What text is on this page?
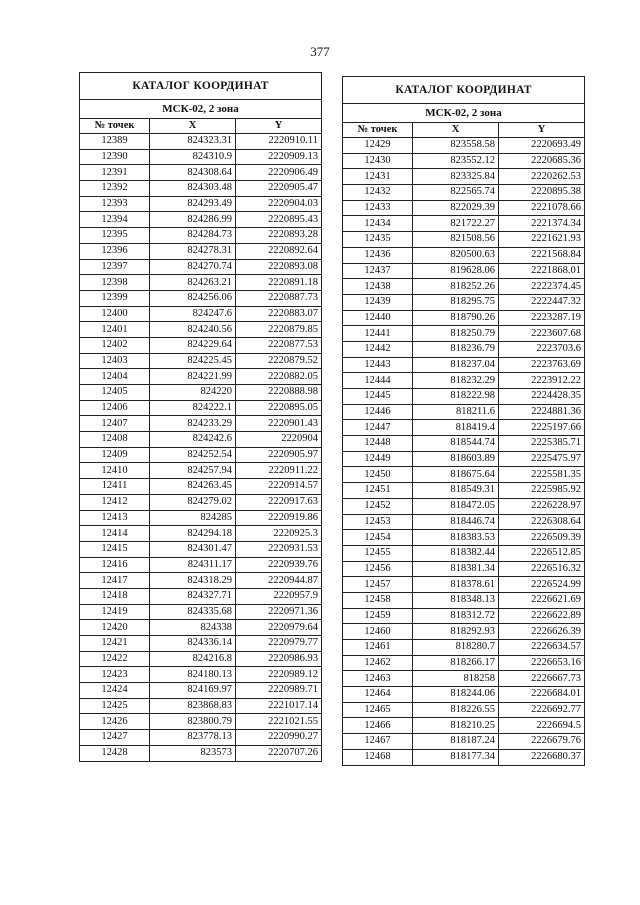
377
КАТАЛОГ КООРДИНАТ		
МСК-02, 2 зона		
№ точек	X	Y
12389	824323.31	2220910.11
12390	824310.9	2220909.13
12391	824308.64	2220906.49
12392	824303.48	2220905.47
12393	824293.49	2220904.03
12394	824286.99	2220895.43
12395	824284.73	2220893.28
12396	824278.31	2220892.64
12397	824270.74	2220893.08
12398	824263.21	2220891.18
12399	824256.06	2220887.73
12400	824247.6	2220883.07
12401	824240.56	2220879.85
12402	824229.64	2220877.53
12403	824225.45	2220879.52
12404	824221.99	2220882.05
12405	824220	2220888.98
12406	824222.1	2220895.05
12407	824233.29	2220901.43
12408	824242.6	2220904
12409	824252.54	2220905.97
12410	824257.94	2220911.22
12411	824263.45	2220914.57
12412	824279.02	2220917.63
12413	824285	2220919.86
12414	824294.18	2220925.3
12415	824301.47	2220931.53
12416	824311.17	2220939.76
12417	824318.29	2220944.87
12418	824327.71	2220957.9
12419	824335.68	2220971.36
12420	824338	2220979.64
12421	824336.14	2220979.77
12422	824216.8	2220986.93
12423	824180.13	2220989.12
12424	824169.97	2220989.71
12425	823868.83	2221017.14
12426	823800.79	2221021.55
12427	823778.13	2220990.27
12428	823573	2220707.26
КАТАЛОГ КООРДИНАТ		
МСК-02, 2 зона		
№ точек	X	Y
12429	823558.58	2220693.49
12430	823552.12	2220685.36
12431	823325.84	2220262.53
12432	822565.74	2220895.38
12433	822029.39	2221078.66
12434	821722.27	2221374.34
12435	821508.56	2221621.93
12436	820500.63	2221568.84
12437	819628.06	2221868.01
12438	818252.26	2222374.45
12439	818295.75	2222447.32
12440	818790.26	2223287.19
12441	818250.79	2223607.68
12442	818236.79	2223703.6
12443	818237.04	2223763.69
12444	818232.29	2223912.22
12445	818222.98	2224428.35
12446	818211.6	2224881.36
12447	818419.4	2225197.66
12448	818544.74	2225385.71
12449	818603.89	2225475.97
12450	818675.64	2225581.35
12451	818549.31	2225985.92
12452	818472.05	2226228.97
12453	818446.74	2226308.64
12454	818383.53	2226509.39
12455	818382.44	2226512.85
12456	818381.34	2226516.32
12457	818378.61	2226524.99
12458	818348.13	2226621.69
12459	818312.72	2226622.89
12460	818292.93	2226626.39
12461	818280.7	2226634.57
12462	818266.17	2226653.16
12463	818258	2226667.73
12464	818244.06	2226684.01
12465	818226.55	2226692.77
12466	818210.25	2226694.5
12467	818187.24	2226679.76
12468	818177.34	2226680.37
